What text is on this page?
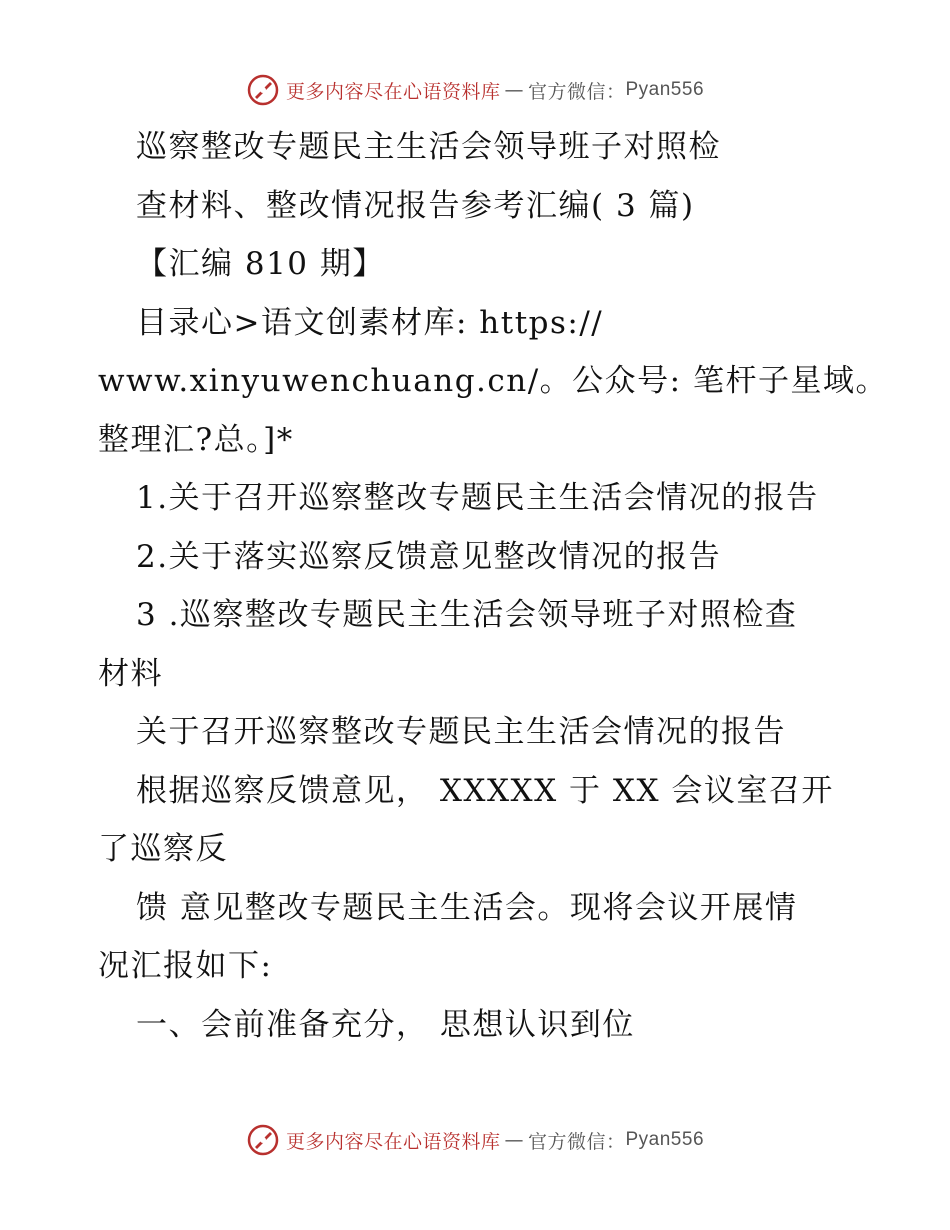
更多内容尽在心语资料库 — 官方微信： Pyan556
巡察整改专题民主生活会领导班子对照检
查材料、整改情况报告参考汇编( 3 篇)
【汇编 810 期】
目录心>语文创素材库: https://
www.xinyuwenchuang.cn/。公众号: 笔杆子星域。
整理汇?总。]*
1.关于召开巡察整改专题民主生活会情况的报告
2.关于落实巡察反馈意见整改情况的报告
3 .巡察整改专题民主生活会领导班子对照检查
材料
关于召开巡察整改专题民主生活会情况的报告
根据巡察反馈意见， XXXXX 于 XX 会议室召开
了巡察反
馈 意见整改专题民主生活会。现将会议开展情
况汇报如下:
一、会前准备充分， 思想认识到位
更多内容尽在心语资料库 — 官方微信： Pyan556
